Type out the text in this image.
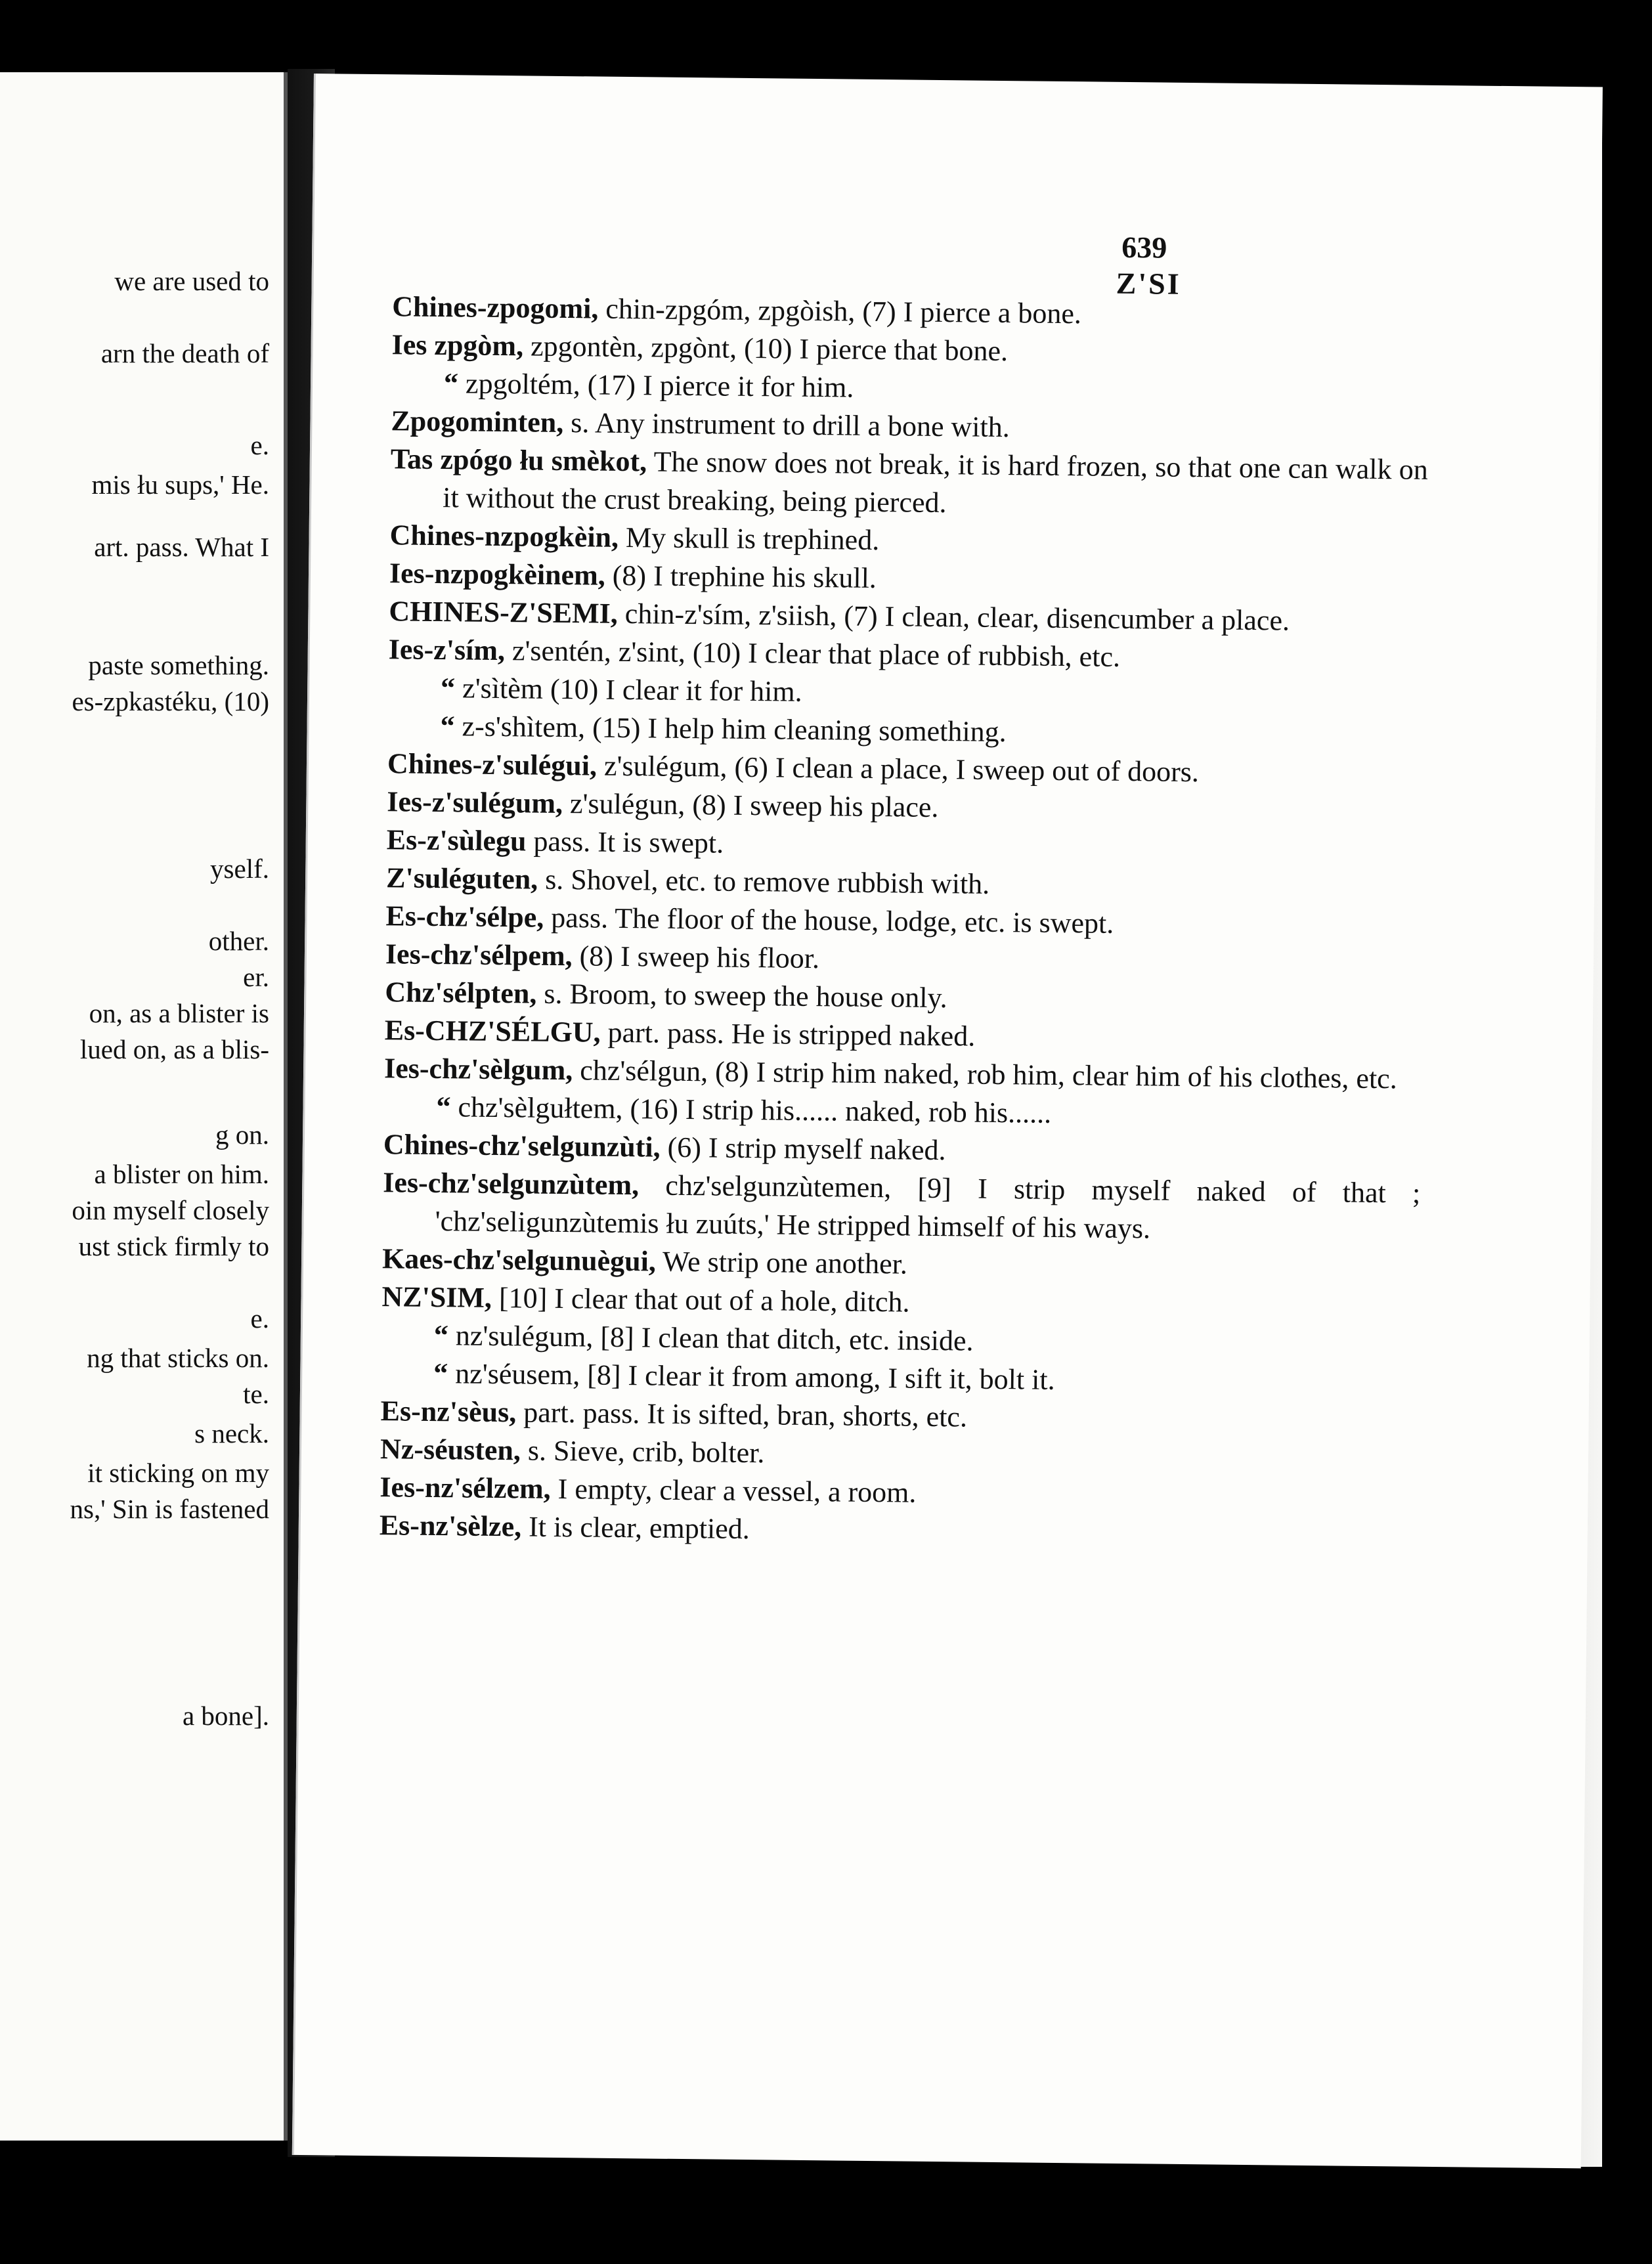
we are used to
arn the death of
e.
mis łu sups,' He.
art. pass. What I
paste something.
es-zpkastéku, (10)
yself.
other.
er.
on, as a blister is
lued on, as a blis-
g on.
a blister on him.
oin myself closely
ust stick firmly to
e.
ng that sticks on.
te.
s neck.
it sticking on my
ns,' Sin is fastened
a bone].
639
Z'SI

Chines-zpogomi, chin-zpgóm, zpgòish, (7) I pierce a bone.

Ies zpgòm, zpgontèn, zpgònt, (10) I pierce that bone.

“ zpgoltém, (17) I pierce it for him.

Zpogominten, s. Any instrument to drill a bone with.

Tas zpógo łu smèkot, The snow does not break, it is hard frozen, so that one can walk on it without the crust breaking, being pierced.

Chines-nzpogkèin, My skull is trephined.

Ies-nzpogkèinem, (8) I trephine his skull.

CHINES-Z'SEMI, chin-z'sím, z'siish, (7) I clean, clear, disencumber a place.

Ies-z'sím, z'sentén, z'sint, (10) I clear that place of rubbish, etc.

“ z'sìtèm (10) I clear it for him.

“ z-s'shìtem, (15) I help him cleaning something.

Chines-z'sulégui, z'sulégum, (6) I clean a place, I sweep out of doors.

Ies-z'sulégum, z'sulégun, (8) I sweep his place.

Es-z'sùlegu pass. It is swept.

Z'suléguten, s. Shovel, etc. to remove rubbish with.

Es-chz'sélpe, pass. The floor of the house, lodge, etc. is swept.

Ies-chz'sélpem, (8) I sweep his floor.

Chz'sélpten, s. Broom, to sweep the house only.

Es-CHZ'SÉLGU, part. pass. He is stripped naked.

Ies-chz'sèlgum, chz'sélgun, (8) I strip him naked, rob him, clear him of his clothes, etc.

“ chz'sèlgułtem, (16) I strip his...... naked, rob his......

Chines-chz'selgunzùti, (6) I strip myself naked.

Ies-chz'selgunzùtem, chz'selgunzùtemen, [9] I strip myself naked of that ; 'chz'seligunzùtemis łu zuúts,' He stripped himself of his ways.

Kaes-chz'selgunuègui, We strip one another.

NZ'SIM, [10] I clear that out of a hole, ditch.

“ nz'sulégum, [8] I clean that ditch, etc. inside.

“ nz'séusem, [8] I clear it from among, I sift it, bolt it.

Es-nz'sèus, part. pass. It is sifted, bran, shorts, etc.

Nz-séusten, s. Sieve, crib, bolter.

Ies-nz'sélzem, I empty, clear a vessel, a room.

Es-nz'sèlze, It is clear, emptied.
